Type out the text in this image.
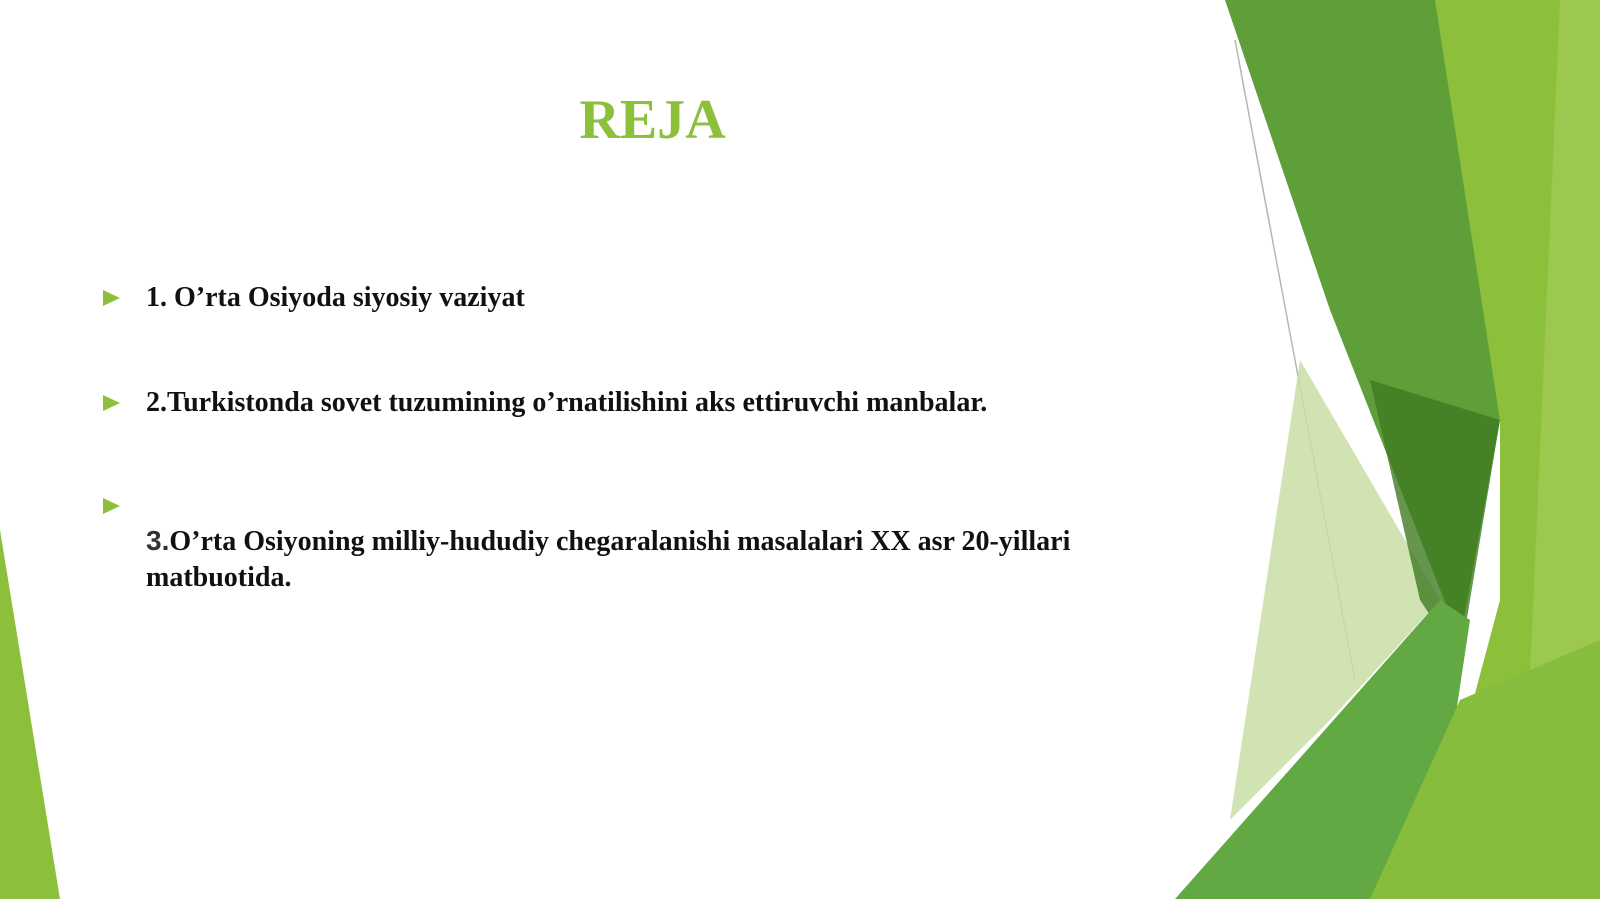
REJA
1. O’rta Osiyoda siyosiy vaziyat
2.Turkistonda sovet tuzumining o’rnatilishini aks ettiruvchi manbalar.
3.O’rta Osiyoning milliy-hududiy chegaralanishi masalalari XX asr 20-yillari matbuotida.
